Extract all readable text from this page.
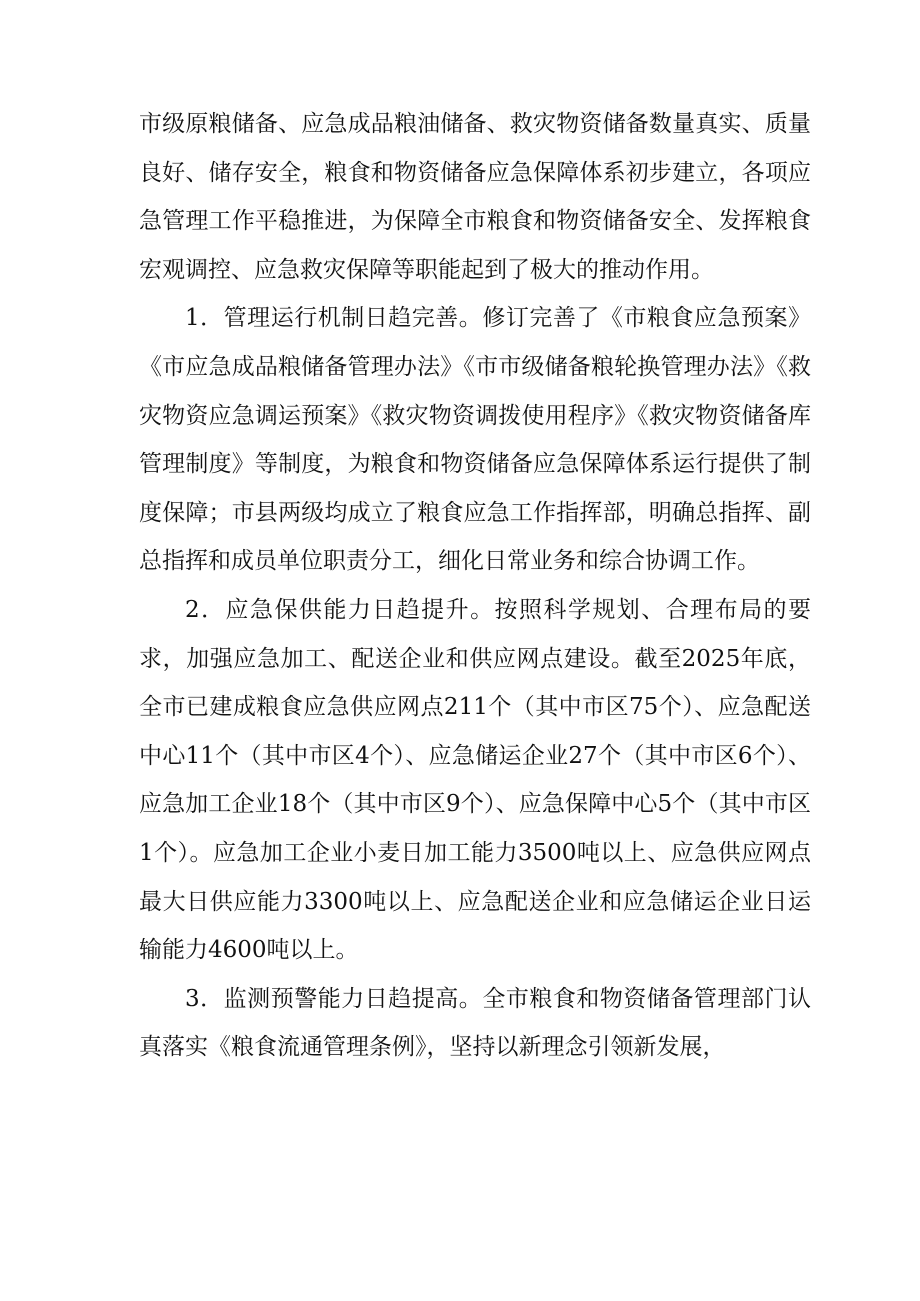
市级原粮储备、应急成品粮油储备、救灾物资储备数量真实、质量良好、储存安全，粮食和物资储备应急保障体系初步建立，各项应急管理工作平稳推进，为保障全市粮食和物资储备安全、发挥粮食宏观调控、应急救灾保障等职能起到了极大的推动作用。

1．管理运行机制日趋完善。修订完善了《市粮食应急预案》《市应急成品粮储备管理办法》《市市级储备粮轮换管理办法》《救灾物资应急调运预案》《救灾物资调拨使用程序》《救灾物资储备库管理制度》等制度，为粮食和物资储备应急保障体系运行提供了制度保障；市县两级均成立了粮食应急工作指挥部，明确总指挥、副总指挥和成员单位职责分工，细化日常业务和综合协调工作。

2．应急保供能力日趋提升。按照科学规划、合理布局的要求，加强应急加工、配送企业和供应网点建设。截至2025年底，全市已建成粮食应急供应网点211个（其中市区75个）、应急配送中心11个（其中市区4个）、应急储运企业27个（其中市区6个）、应急加工企业18个（其中市区9个）、应急保障中心5个（其中市区1个）。应急加工企业小麦日加工能力3500吨以上、应急供应网点最大日供应能力3300吨以上、应急配送企业和应急储运企业日运输能力4600吨以上。

3．监测预警能力日趋提高。全市粮食和物资储备管理部门认真落实《粮食流通管理条例》，坚持以新理念引领新发展，
